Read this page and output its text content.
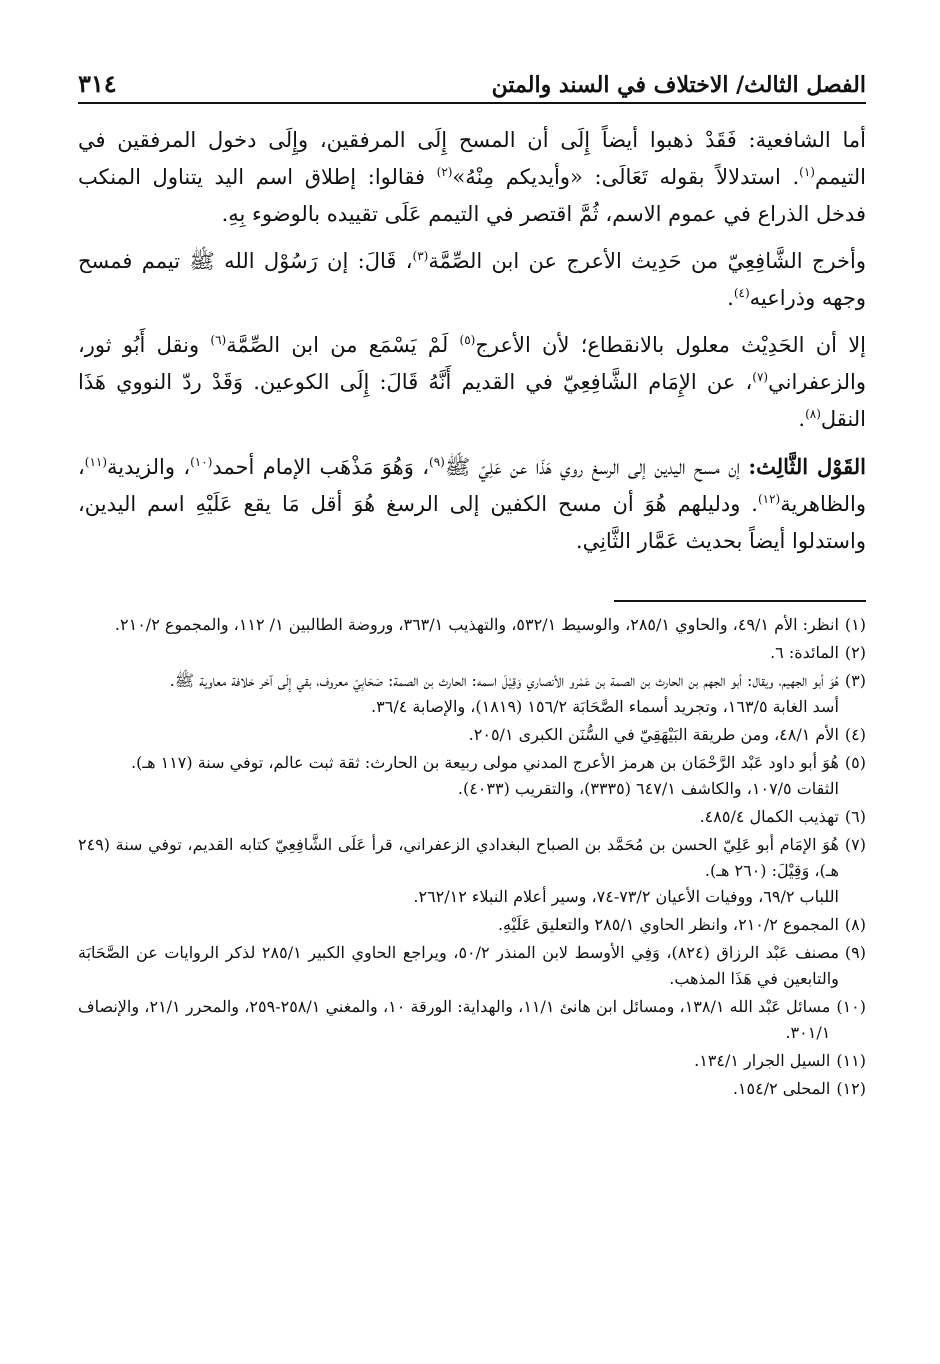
الفصل الثالث/ الاختلاف في السند والمتن
٣١٤

أما الشافعية: فَقَدْ ذهبوا أيضاً إِلَى أن المسح إِلَى المرفقين، وإِلَى دخول المرفقين في التيمم$^{(١)}$. استدلالاً بقوله تَعَالَى: «وأيديكم مِنْهُ»$^{(٢)}$ فقالوا: إطلاق اسم اليد يتناول المنكب فدخل الذراع في عموم الاسم، ثُمَّ اقتصر في التيمم عَلَى تقييده بالوضوء بِهِ.

وأخرج الشَّافِعِيّ من حَدِيث الأعرج عن ابن الصِّمَّة$^{(٣)}$، قَالَ: إن رَسُوْل الله ﷺ تيمم فمسح وجهه وذراعيه$^{(٤)}$.

إلا أن الحَدِيْث معلول بالانقطاع؛ لأن الأعرج$^{(٥)}$ لَمْ يَسْمَع من ابن الصِّمَّة$^{(٦)}$ ونقل أَبُو ثور، والزعفراني$^{(٧)}$، عن الإِمَام الشَّافِعِيّ في القديم أَنَّهُ قَالَ: إِلَى الكوعين. وَقَدْ ردّ النووي هَذَا النقل$^{(٨)}$.

القَوْل الثَّالِث: إن مسح اليدين إلى الرسغ روي هَذَا عن عَلِيّ ﷺ$^{(٩)}$، وَهُوَ مَذْهَب الإمام أحمد$^{(١٠)}$، والزيدية$^{(١١)}$، والظاهرية$^{(١٢)}$. ودليلهم هُوَ أن مسح الكفين إلى الرسغ هُوَ أقل مَا يقع عَلَيْهِ اسم اليدين، واستدلوا أيضاً بحديث عَمَّار الثَّانِي.

(١)
انظر: الأم ٤٩/١، والحاوي ٢٨٥/١، والوسيط ٥٣٢/١، والتهذيب ٣٦٣/١، وروضة الطالبين ١/ ١١٢، والمجموع ٢١٠/٢.
(٢)
المائدة: ٦.
(٣)
هُوَ أبو الجهيم، ويقال: أبو الجهم بن الحارث بن الصمة بن عَمْرو الأنصاري وَقِيْلَ اسمه: الحارث بن الصمة: صَحَابِيّ معروف، بقي إِلَى آخر خلافة معاوية ﷺ.
أسد الغابة ١٦٣/٥، وتجريد أسماء الصَّحَابَة ١٥٦/٢ (١٨١٩)، والإصابة ٣٦/٤.
(٤)
الأم ٤٨/١، ومن طريقة البَيْهَقِيّ في السُّنَن الكبرى ٢٠٥/١.
(٥)
هُوَ أبو داود عَبْد الرَّحْمَان بن هرمز الأعرج المدني مولى ربيعة بن الحارث: ثقة ثبت عالم، توفي سنة (١١٧ هـ).
الثقات ١٠٧/٥، والكاشف ٦٤٧/١ (٣٣٣٥)، والتقريب (٤٠٣٣).
(٦)
تهذيب الكمال ٤٨٥/٤.
(٧)
هُوَ الإمَام أبو عَلِيّ الحسن بن مُحَمَّد بن الصباح البغدادي الزعفراني، قرأ عَلَى الشَّافِعِيّ كتابه القديم، توفي سنة (٢٤٩ هـ)، وَقِيْلَ: (٢٦٠ هـ).
اللباب ٦٩/٢، ووفيات الأعيان ٧٣/٢-٧٤، وسير أعلام النبلاء ٢٦٢/١٢.
(٨)
المجموع ٢١٠/٢، وانظر الحاوي ٢٨٥/١ والتعليق عَلَيْهِ.
(٩)
مصنف عَبْد الرزاق (٨٢٤)، وَفِي الأوسط لابن المنذر ٥٠/٢، ويراجع الحاوي الكبير ٢٨٥/١ لذكر الروايات عن الصَّحَابَة والتابعين في هَذَا المذهب.
(١٠)
مسائل عَبْد الله ١٣٨/١، ومسائل ابن هانئ ١١/١، والهداية: الورقة ١٠، والمغني ٢٥٨/١-٢٥٩، والمحرر ٢١/١، والإنصاف ٣٠١/١.
(١١)
السيل الجرار ١٣٤/١.
(١٢)
المحلى ١٥٤/٢.
